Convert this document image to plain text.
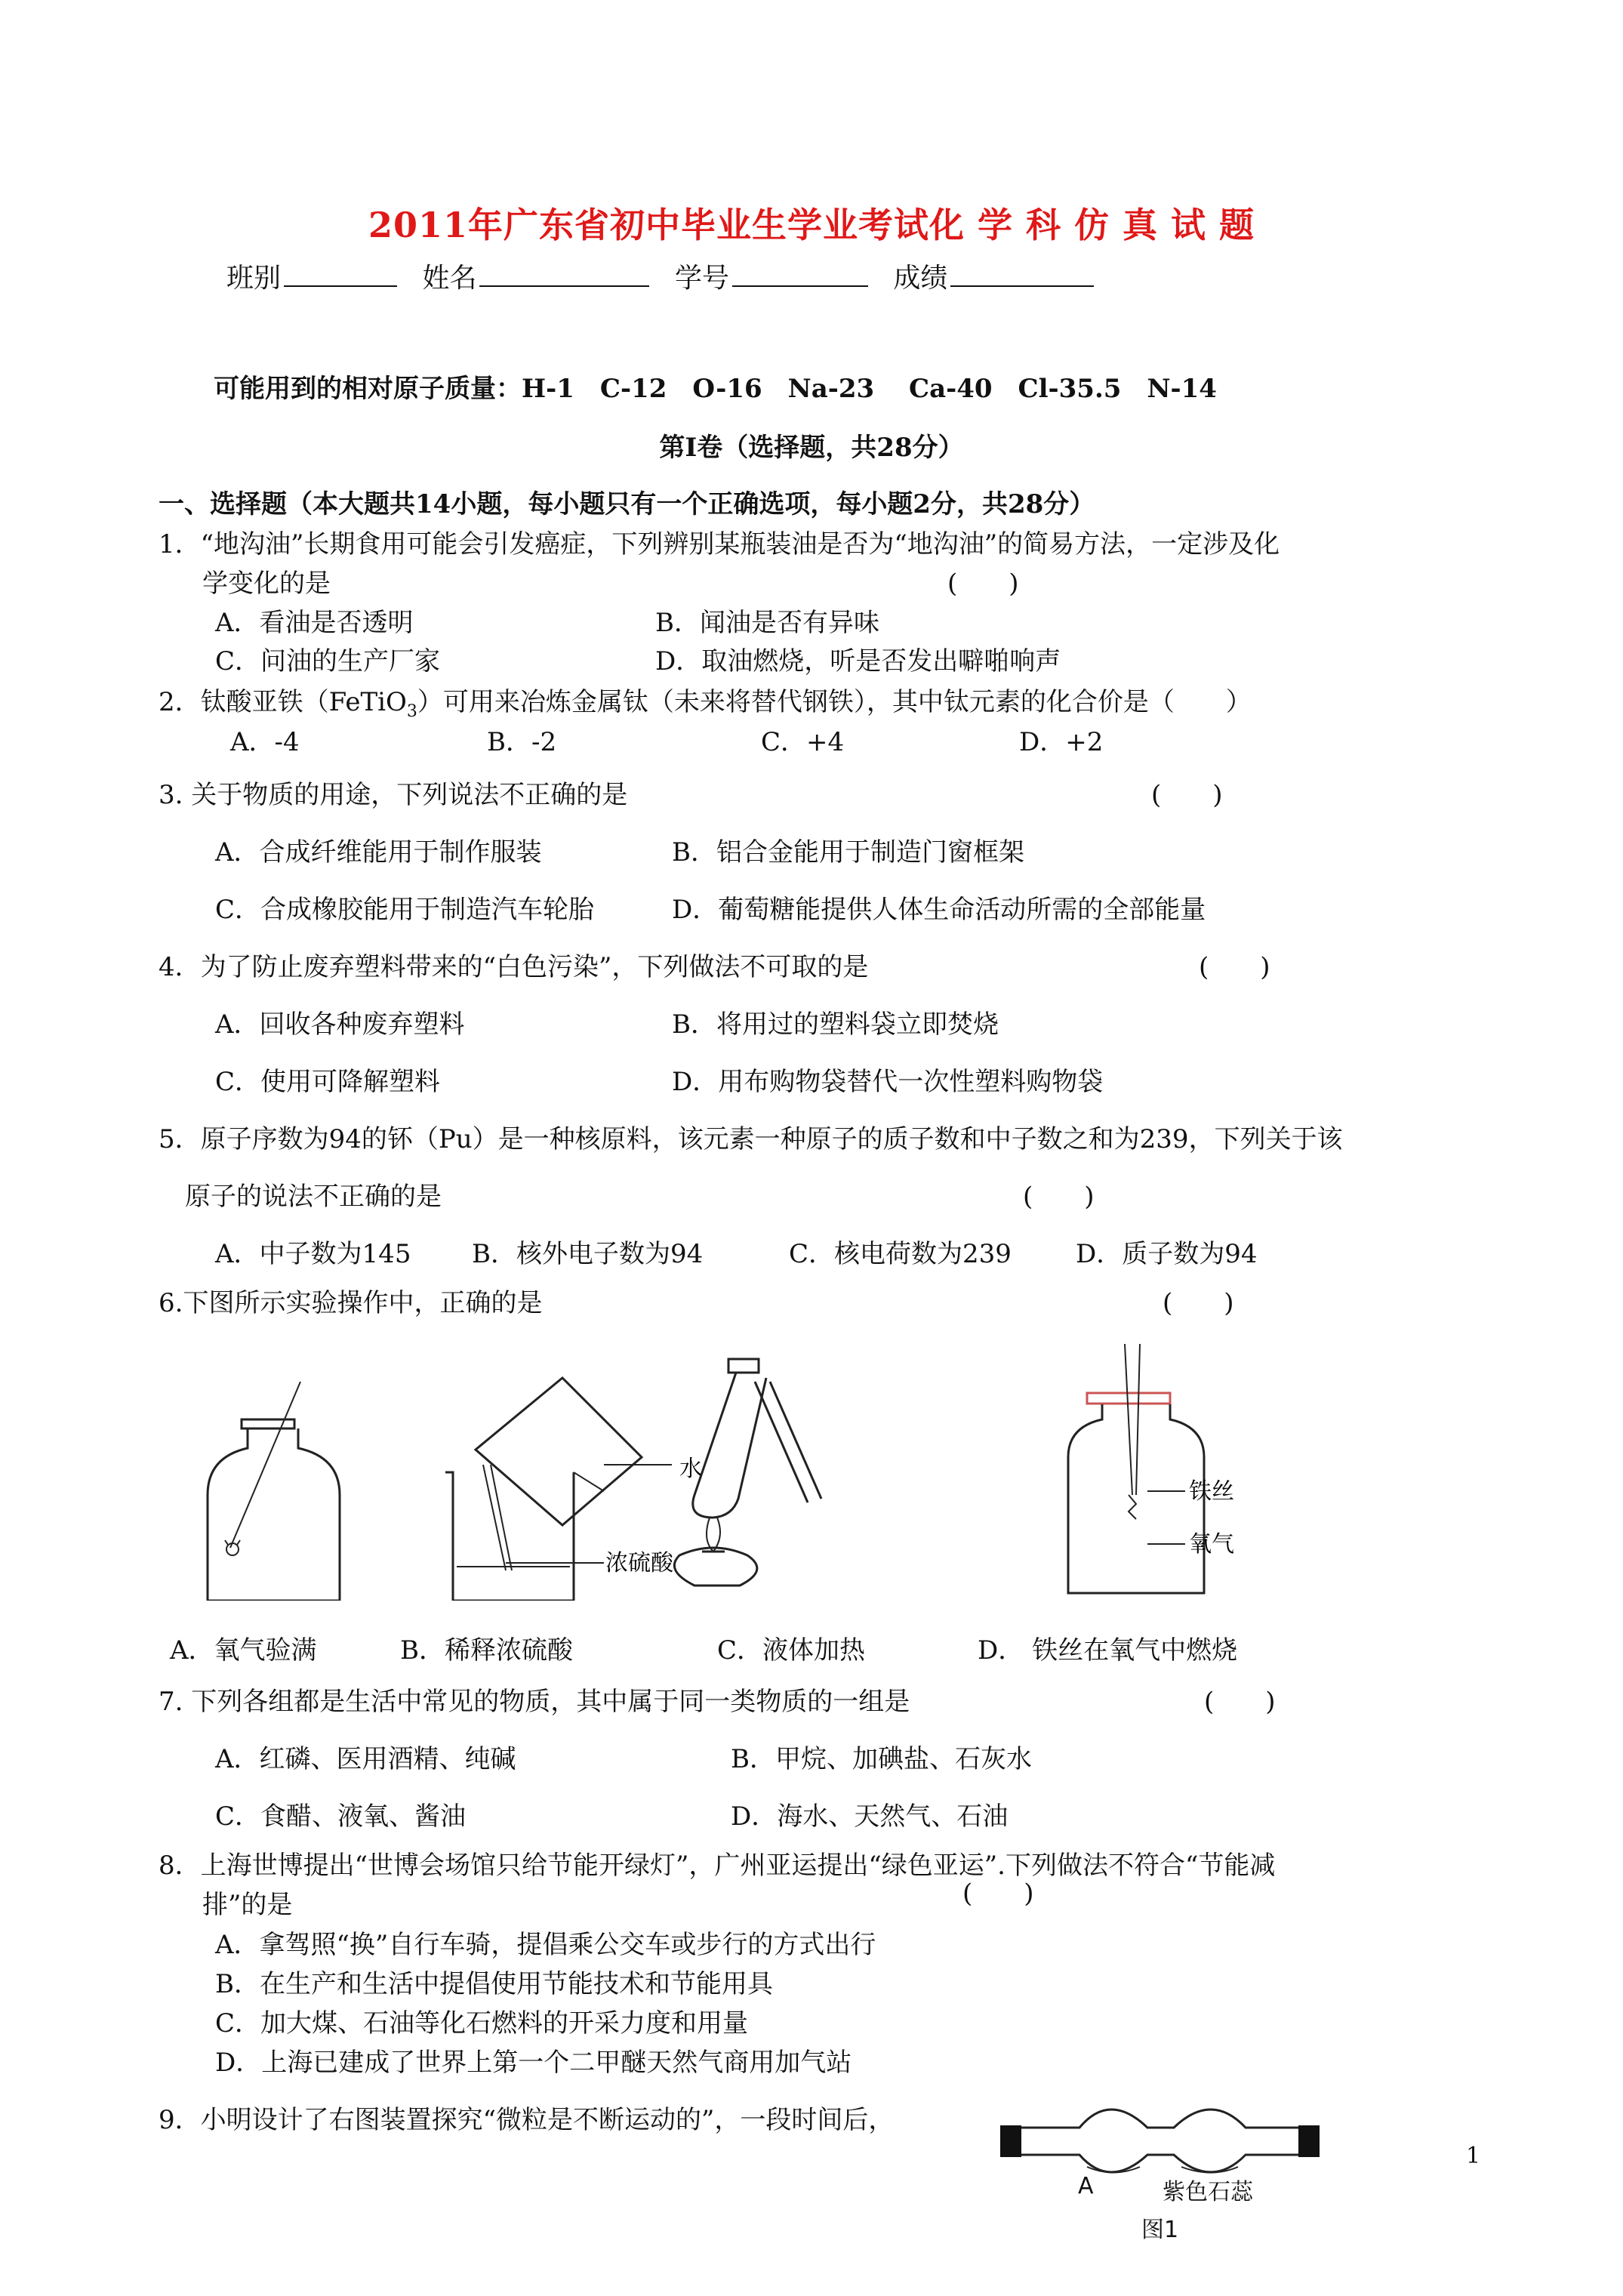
2011年广东省初中毕业生学业考试化 学 科 仿 真 试 题
班别	姓名	学号	成绩
可能用到的相对原子质量：H-1　C-12　O-16　Na-23　 Ca-40　Cl-35.5　N-14
第Ⅰ卷（选择题，共28分）
一、选择题（本大题共14小题，每小题只有一个正确选项，每小题2分，共28分）
1．“地沟油”长期食用可能会引发癌症，下列辨别某瓶装油是否为“地沟油”的简易方法，一定涉及化
学变化的是	(　　)
A．看油是否透明	B．闻油是否有异味
C．问油的生产厂家	D．取油燃烧，听是否发出噼啪响声
2．钛酸亚铁（FeTiO$_3$）可用来冶炼金属钛（未来将替代钢铁），其中钛元素的化合价是（　　）
A．-4	B．-2	C．+4	D．+2
3. 关于物质的用途，下列说法不正确的是	(　　)
A．合成纤维能用于制作服装	B．铝合金能用于制造门窗框架
C．合成橡胶能用于制造汽车轮胎	D．葡萄糖能提供人体生命活动所需的全部能量
4．为了防止废弃塑料带来的“白色污染”，下列做法不可取的是	(　　)
A．回收各种废弃塑料	B．将用过的塑料袋立即焚烧
C．使用可降解塑料	D．用布购物袋替代一次性塑料购物袋
5．原子序数为94的钚（Pu）是一种核原料，该元素一种原子的质子数和中子数之和为239，下列关于该
原子的说法不正确的是	(　　)
A．中子数为145 B．核外电子数为94	C．核电荷数为239	D．质子数为94
6.下图所示实验操作中，正确的是	(　　)
水
浓硫酸
铁丝
氧气
A．氧气验满	B．稀释浓硫酸	C．液体加热	D． 铁丝在氧气中燃烧
7. 下列各组都是生活中常见的物质，其中属于同一类物质的一组是	(　　)
A．红磷、医用酒精、纯碱	B．甲烷、加碘盐、石灰水
C．食醋、液氧、酱油	D．海水、天然气、石油
8．上海世博提出“世博会场馆只给节能开绿灯”，广州亚运提出“绿色亚运”.下列做法不符合“节能减
排”的是	(　　)
A．拿驾照“换”自行车骑，提倡乘公交车或步行的方式出行
B．在生产和生活中提倡使用节能技术和节能用具
C．加大煤、石油等化石燃料的开采力度和用量
D．上海已建成了世界上第一个二甲醚天然气商用加气站
9．小明设计了右图装置探究“微粒是不断运动的”，一段时间后，
A	紫色石蕊
图1
1
